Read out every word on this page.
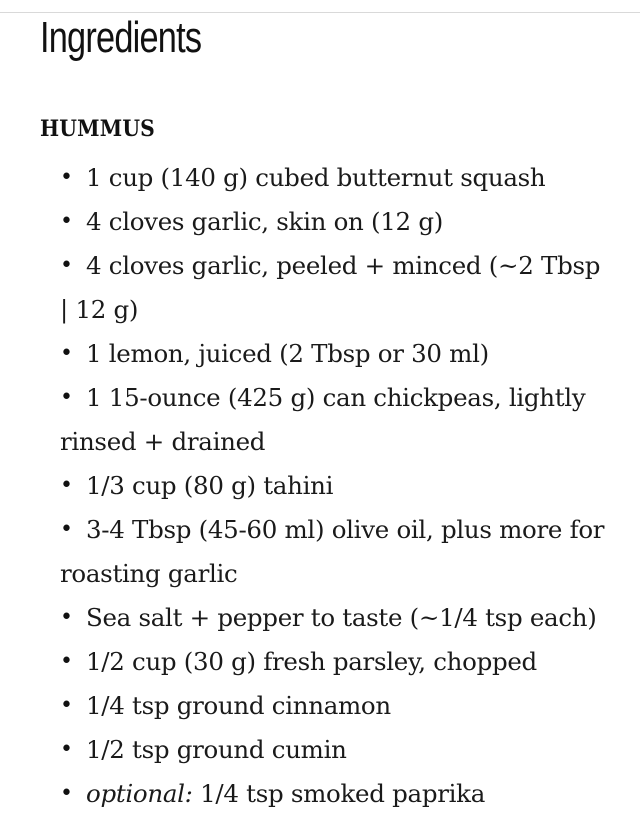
Ingredients
HUMMUS
• 1 cup (140 g) cubed butternut squash
• 4 cloves garlic, skin on (12 g)
• 4 cloves garlic, peeled + minced (~2 Tbsp | 12 g)
• 1 lemon, juiced (2 Tbsp or 30 ml)
• 1 15-ounce (425 g) can chickpeas, lightly rinsed + drained
• 1/3 cup (80 g) tahini
• 3-4 Tbsp (45-60 ml) olive oil, plus more for roasting garlic
• Sea salt + pepper to taste (~1/4 tsp each)
• 1/2 cup (30 g) fresh parsley, chopped
• 1/4 tsp ground cinnamon
• 1/2 tsp ground cumin
• optional: 1/4 tsp smoked paprika
